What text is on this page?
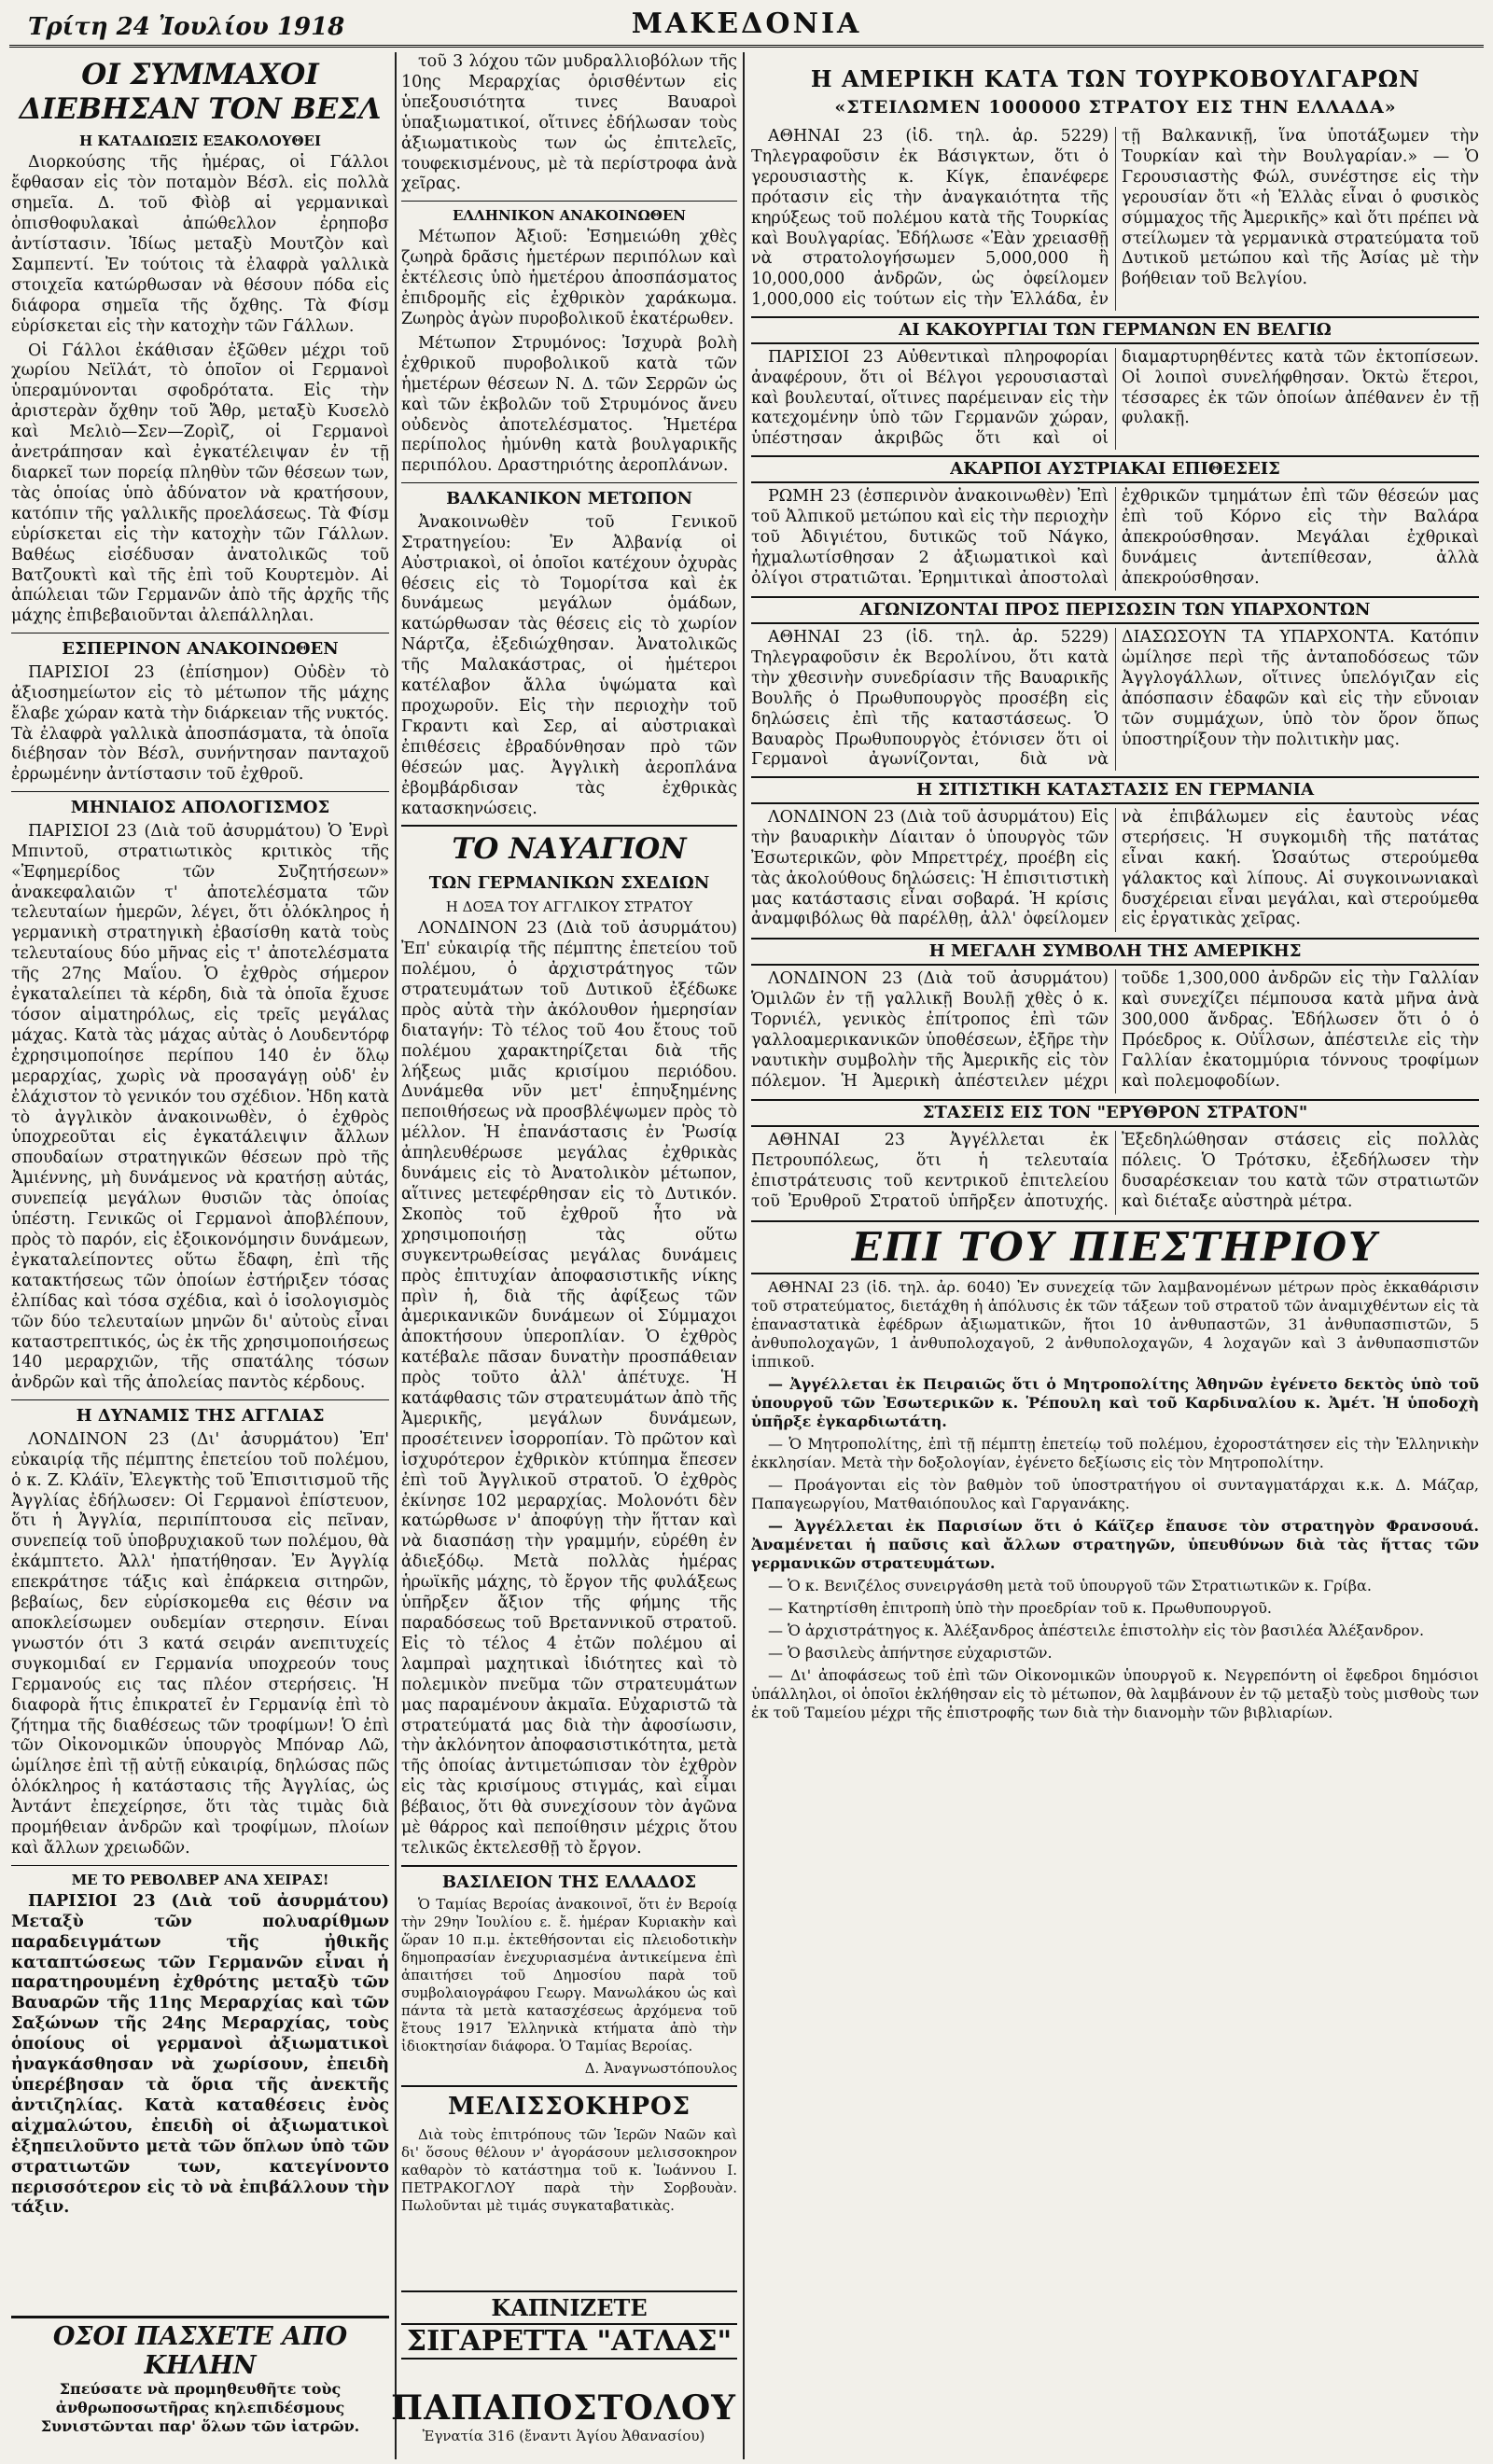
Τρίτη 24 Ἰουλίου 1918	ΜΑΚΕΔΟΝΙΑ
ΟΙ ΣΥΜΜΑΧΟΙ ΔΙΕΒΗΣΑΝ ΤΟΝ ΒΕΣΛ
Η ΚΑΤΑΔΙΩΞΙΣ ΕΞΑΚΟΛΟΥΘΕΙ

Διορκούσης τῆς ἡμέρας, οἱ Γάλλοι ἔφθασαν εἰς τὸν ποταμὸν Βέσλ. εἰς πολλὰ σημεῖα. Δ. τοῦ Φὶὸβ αἱ γερμανικαὶ ὀπισθοφυλακαὶ ἀπώθελλον ἐρηποβσ ἀντίστασιν. Ἰδίως μεταξὺ Μουτζὸν καὶ Σαμπεντί. Ἐν τούτοις τὰ ἐλαφρὰ γαλλικὰ στοιχεῖα κατώρθωσαν νὰ θέσουν πόδα εἰς διάφορα σημεῖα τῆς ὄχθης. Τὰ Φίσμ εὑρίσκεται εἰς τὴν κατοχὴν τῶν Γάλλων.

Οἱ Γάλλοι ἐκάθισαν ἐξῶθεν μέχρι τοῦ χωρίου Νεϊλάτ, τὸ ὁποῖον οἱ Γερμανοὶ ὑπεραμύνονται σφοδρότατα. Εἰς τὴν ἀριστερὰν ὄχθην τοῦ Ἄθρ, μεταξὺ Κυσελὸ καὶ Μελιὸ—Σεν—Ζορὶζ, οἱ Γερμανοὶ ἀνετράπησαν καὶ ἐγκατέλειψαν ἐν τῇ διαρκεῖ των πορείᾳ πληθὺν τῶν θέσεων των, τὰς ὁποίας ὑπὸ ἀδύνατον νὰ κρατήσουν, κατόπιν τῆς γαλλικῆς προελάσεως. Τὰ Φίσμ εὑρίσκεται εἰς τὴν κατοχὴν τῶν Γάλλων. Βαθέως εἰσέδυσαν ἀνατολικῶς τοῦ Βατζουκτὶ καὶ τῆς ἐπὶ τοῦ Κουρτεμὸν. Αἱ ἀπώλειαι τῶν Γερμανῶν ἀπὸ τῆς ἀρχῆς τῆς μάχης ἐπιβεβαιοῦνται ἀλεπάλληλαι.

ΕΣΠΕΡΙΝΟΝ ΑΝΑΚΟΙΝΩΘΕΝ

ΠΑΡΙΣΙΟΙ 23 (ἐπίσημον) Οὐδὲν τὸ ἀξιοσημείωτον εἰς τὸ μέτωπον τῆς μάχης ἔλαβε χώραν κατὰ τὴν διάρκειαν τῆς νυκτός. Τὰ ἐλαφρὰ γαλλικὰ ἀποσπάσματα, τὰ ὁποῖα διέβησαν τὸν Βέσλ, συνήντησαν πανταχοῦ ἐρρωμένην ἀντίστασιν τοῦ ἐχθροῦ.

ΜΗΝΙΑΙΟΣ ΑΠΟΛΟΓΙΣΜΟΣ

ΠΑΡΙΣΙΟΙ 23 (Διὰ τοῦ ἀσυρμάτου) Ὁ Ἐνρὶ Μπιντοῦ, στρατιωτικὸς κριτικὸς τῆς «Ἐφημερίδος τῶν Συζητήσεων» ἀνακεφαλαιῶν τ' ἀποτελέσματα τῶν τελευταίων ἡμερῶν, λέγει, ὅτι ὁλόκληρος ἡ γερμανικὴ στρατηγικὴ ἐβασίσθη κατὰ τοὺς τελευταίους δύο μῆνας εἰς τ' ἀποτελέσματα τῆς 27ης Μαΐου. Ὁ ἐχθρὸς σήμερον ἐγκαταλείπει τὰ κέρδη, διὰ τὰ ὁποῖα ἔχυσε τόσον αἱματηρόλως, εἰς τρεῖς μεγάλας μάχας. Κατὰ τὰς μάχας αὐτὰς ὁ Λουδεντόρφ ἐχρησιμοποίησε περίπου 140 ἐν ὅλῳ μεραρχίας, χωρὶς νὰ προσαγάγῃ οὐδ' ἐν ἐλάχιστον τὸ γενικόν του σχέδιον. Ἠδη κατὰ τὸ ἀγγλικὸν ἀνακοινωθὲν, ὁ ἐχθρὸς ὑποχρεοῦται εἰς ἐγκατάλειψιν ἄλλων σπουδαίων στρατηγικῶν θέσεων πρὸ τῆς Ἀμιέννης, μὴ δυνάμενος νὰ κρατήσῃ αὐτάς, συνεπείᾳ μεγάλων θυσιῶν τὰς ὁποίας ὑπέστη. Γενικῶς οἱ Γερμανοὶ ἀποβλέπουν, πρὸς τὸ παρόν, εἰς ἐξοικονόμησιν δυνάμεων, ἐγκαταλείποντες οὕτω ἔδαφη, ἐπὶ τῆς κατακτήσεως τῶν ὁποίων ἐστήριξεν τόσας ἐλπίδας καὶ τόσα σχέδια, καὶ ὁ ἰσολογισμὸς τῶν δύο τελευταίων μηνῶν δι' αὐτοὺς εἶναι καταστρεπτικός, ὡς ἐκ τῆς χρησιμοποιήσεως 140 μεραρχιῶν, τῆς σπατάλης τόσων ἀνδρῶν καὶ τῆς ἀπολείας παντὸς κέρδους.

Η ΔΥΝΑΜΙΣ ΤΗΣ ΑΓΓΛΙΑΣ

ΛΟΝΔΙΝΟΝ 23 (Δι' ἀσυρμάτου) Ἐπ' εὐκαιρίᾳ τῆς πέμπτης ἐπετείου τοῦ πολέμου, ὁ κ. Ζ. Κλάϊν, Ἐλεγκτὴς τοῦ Ἐπισιτισμοῦ τῆς Ἀγγλίας ἐδήλωσεν: Οἱ Γερμανοὶ ἐπίστευον, ὅτι ἡ Ἀγγλία, περιπίπτουσα εἰς πεῖναν, συνεπείᾳ τοῦ ὑποβρυχιακοῦ των πολέμου, θὰ ἐκάμπτετο. Ἀλλ' ἠπατήθησαν. Ἐν Ἀγγλίᾳ επεκράτησε τάξις καὶ ἐπάρκεια σιτηρῶν, βεβαίως, δεν εὑρίσκομεθα εις θέσιν να αποκλείσωμεν ουδεμίαν στερησιν. Είναι γνωστόν ότι 3 κατά σειράν ανεπιτυχείς συγκομιδαί εν Γερμανία υποχρεούν τους Γερμανούς εις τας πλέον στερήσεις. Ἡ διαφορὰ ἥτις ἐπικρατεῖ ἐν Γερμανίᾳ ἐπὶ τὸ ζήτημα τῆς διαθέσεως τῶν τροφίμων! Ὁ ἐπὶ τῶν Οἰκονομικῶν ὑπουργὸς Μπόναρ Λῶ, ὡμίλησε ἐπὶ τῇ αὐτῇ εὐκαιρίᾳ, δηλώσας πῶς ὁλόκληρος ἡ κατάστασις τῆς Ἀγγλίας, ὡς Ἀντάντ ἐπεχείρησε, ὅτι τὰς τιμὰς διὰ προμήθειαν ἀνδρῶν καὶ τροφίμων, πλοίων καὶ ἄλλων χρειωδῶν.

ΜΕ ΤΟ ΡΕΒΟΛΒΕΡ ΑΝΑ ΧΕΙΡΑΣ!

ΠΑΡΙΣΙΟΙ 23 (Διὰ τοῦ ἀσυρμάτου) Μεταξὺ τῶν πολυαρίθμων παραδειγμάτων τῆς ἠθικῆς καταπτώσεως τῶν Γερμανῶν εἶναι ἡ παρατηρουμένη ἐχθρότης μεταξὺ τῶν Βαυαρῶν τῆς 11ης Μεραρχίας καὶ τῶν Σαξώνων τῆς 24ης Μεραρχίας, τοὺς ὁποίους οἱ γερμανοὶ ἀξιωματικοὶ ἠναγκάσθησαν νὰ χωρίσουν, ἐπειδὴ ὑπερέβησαν τὰ ὅρια τῆς ἀνεκτῆς ἀντιζηλίας. Κατὰ καταθέσεις ἐνὸς αἰχμαλώτου, ἐπειδὴ οἱ ἀξιωματικοὶ ἐξηπειλοῦντο μετὰ τῶν ὅπλων ὑπὸ τῶν στρατιωτῶν των, κατεγίνοντο περισσότερον εἰς τὸ νὰ ἐπιβάλλουν τὴν τάξιν.

ΟΣΟΙ ΠΑΣΧΕΤΕ ΑΠΟ ΚΗΛΗΝ
Σπεύσατε νὰ προμηθευθῆτε τοὺς ἀνθρωποσωτῆρας κηλεπιδέσμους Συνιστῶνται παρ' ὅλων τῶν ἰατρῶν.

τοῦ 3 λόχου τῶν μυδραλλιοβόλων τῆς 10ης Μεραρχίας ὁρισθέντων εἰς ὑπεξουσιότητα τινες Βαυαροὶ ὑπαξιωματικοί, οἵτινες ἐδήλωσαν τοὺς ἀξιωματικοὺς των ὡς ἐπιτελεῖς, τουφεκισμένους, μὲ τὰ περίστροφα ἀνὰ χεῖρας.

ΕΛΛΗΝΙΚΟΝ ΑΝΑΚΟΙΝΩΘΕΝ

Μέτωπον Ἀξιοῦ: Ἐσημειώθη χθὲς ζωηρὰ δρᾶσις ἡμετέρων περιπόλων καὶ ἐκτέλεσις ὑπὸ ἡμετέρου ἀποσπάσματος ἐπιδρομῆς εἰς ἐχθρικὸν χαράκωμα. Ζωηρὸς ἀγὼν πυροβολικοῦ ἑκατέρωθεν.

Μέτωπον Στρυμόνος: Ἰσχυρὰ βολὴ ἐχθρικοῦ πυροβολικοῦ κατὰ τῶν ἡμετέρων θέσεων Ν. Δ. τῶν Σερρῶν ὡς καὶ τῶν ἐκβολῶν τοῦ Στρυμόνος ἄνευ οὐδενὸς ἀποτελέσματος. Ἡμετέρα περίπολος ἠμύνθη κατὰ βουλγαρικῆς περιπόλου. Δραστηριότης ἀεροπλάνων.

ΒΑΛΚΑΝΙΚΟΝ ΜΕΤΩΠΟΝ

Ἀνακοινωθὲν τοῦ Γενικοῦ Στρατηγείου: Ἐν Ἀλβανίᾳ οἱ Αὐστριακοὶ, οἱ ὁποῖοι κατέχουν ὀχυρὰς θέσεις εἰς τὸ Τομορίτσα καὶ ἐκ δυνάμεως μεγάλων ὁμάδων, κατώρθωσαν τὰς θέσεις εἰς τὸ χωρίον Νάρτζα, ἐξεδιώχθησαν. Ἀνατολικῶς τῆς Μαλακάστρας, οἱ ἡμέτεροι κατέλαβον ἄλλα ὑψώματα καὶ προχωροῦν. Εἰς τὴν περιοχὴν τοῦ Γκραντι καὶ Σερ, αἱ αὐστριακαὶ ἐπιθέσεις ἐβραδύνθησαν πρὸ τῶν θέσεών μας. Ἀγγλικὴ ἀεροπλάνα ἐβομβάρδισαν τὰς ἐχθρικὰς κατασκηνώσεις.

ΤΟ ΝΑΥΑΓΙΟΝ
ΤΩΝ ΓΕΡΜΑΝΙΚΩΝ ΣΧΕΔΙΩΝ
Η ΔΟΞΑ ΤΟΥ ΑΓΓΛΙΚΟΥ ΣΤΡΑΤΟΥ

ΛΟΝΔΙΝΟΝ 23 (Διὰ τοῦ ἀσυρμάτου) Ἐπ' εὐκαιρίᾳ τῆς πέμπτης ἐπετείου τοῦ πολέμου, ὁ ἀρχιστράτηγος τῶν στρατευμάτων τοῦ Δυτικοῦ ἐξέδωκε πρὸς αὐτὰ τὴν ἀκόλουθον ἡμερησίαν διαταγήν: Τὸ τέλος τοῦ 4ου ἔτους τοῦ πολέμου χαρακτηρίζεται διὰ τῆς λήξεως μιᾶς κρισίμου περιόδου. Δυνάμεθα νῦν μετ' ἐπηυξημένης πεποιθήσεως νὰ προσβλέψωμεν πρὸς τὸ μέλλον. Ἡ ἐπανάστασις ἐν Ῥωσίᾳ ἀπηλευθέρωσε μεγάλας ἐχθρικὰς δυνάμεις εἰς τὸ Ἀνατολικὸν μέτωπον, αἵτινες μετεφέρθησαν εἰς τὸ Δυτικόν. Σκοπὸς τοῦ ἐχθροῦ ἦτο νὰ χρησιμοποιήσῃ τὰς οὕτω συγκεντρωθείσας μεγάλας δυνάμεις πρὸς ἐπιτυχίαν ἀποφασιστικῆς νίκης πρὶν ἡ, διὰ τῆς ἀφίξεως τῶν ἀμερικανικῶν δυνάμεων οἱ Σύμμαχοι ἀποκτήσουν ὑπεροπλίαν. Ὁ ἐχθρὸς κατέβαλε πᾶσαν δυνατὴν προσπάθειαν πρὸς τοῦτο ἀλλ' ἀπέτυχε. Ἡ κατάφθασις τῶν στρατευμάτων ἀπὸ τῆς Ἀμερικῆς, μεγάλων δυνάμεων, προσέτεινεν ἰσορροπίαν. Τὸ πρῶτον καὶ ἰσχυρότερον ἐχθρικὸν κτύπημα ἔπεσεν ἐπὶ τοῦ Ἀγγλικοῦ στρατοῦ. Ὁ ἐχθρὸς ἐκίνησε 102 μεραρχίας. Μολονότι δὲν κατώρθωσε ν' ἀποφύγῃ τὴν ἥτταν καὶ νὰ διασπάσῃ τὴν γραμμήν, εὑρέθη ἐν ἀδιεξόδῳ. Μετὰ πολλὰς ἡμέρας ἡρωϊκῆς μάχης, τὸ ἔργον τῆς φυλάξεως ὑπῆρξεν ἄξιον τῆς φήμης τῆς παραδόσεως τοῦ Βρεταννικοῦ στρατοῦ. Εἰς τὸ τέλος 4 ἐτῶν πολέμου αἱ λαμπραὶ μαχητικαὶ ἰδιότητες καὶ τὸ πολεμικὸν πνεῦμα τῶν στρατευμάτων μας παραμένουν ἀκμαῖα. Εὐχαριστῶ τὰ στρατεύματά μας διὰ τὴν ἀφοσίωσιν, τὴν ἀκλόνητον ἀποφασιστικότητα, μετὰ τῆς ὁποίας ἀντιμετώπισαν τὸν ἐχθρὸν εἰς τὰς κρισίμους στιγμάς, καὶ εἶμαι βέβαιος, ὅτι θὰ συνεχίσουν τὸν ἀγῶνα μὲ θάρρος καὶ πεποίθησιν μέχρις ὅτου τελικῶς ἐκτελεσθῇ τὸ ἔργον.

ΒΑΣΙΛΕΙΟΝ ΤΗΣ ΕΛΛΑΔΟΣ

Ὁ Ταμίας Βεροίας ἀνακοινοῖ, ὅτι ἐν Βεροίᾳ τὴν 29ην Ἰουλίου ε. ἔ. ἡμέραν Κυριακὴν καὶ ὥραν 10 π.μ. ἐκτεθήσονται εἰς πλειοδοτικὴν δημοπρασίαν ἐνεχυριασμένα ἀντικείμενα ἐπὶ ἀπαιτήσει τοῦ Δημοσίου παρὰ τοῦ συμβολαιογράφου Γεωργ. Μανωλάκου ὡς καὶ πάντα τὰ μετὰ κατασχέσεως ἀρχόμενα τοῦ ἔτους 1917 Ἐλληνικὰ κτήματα ἀπὸ τὴν ἰδιοκτησίαν διάφορα. Ὁ Ταμίας Βεροίας.

Δ. Ἀναγνωστόπουλος
ΜΕΛΙΣΣΟΚΗΡΟΣ

Διὰ τοὺς ἐπιτρόπους τῶν Ἱερῶν Ναῶν καὶ δι' ὅσους θέλουν ν' ἀγοράσουν μελισσοκηρον καθαρὸν τὸ κατάστημα τοῦ κ. Ἰωάννου Ι. ΠΕΤΡΑΚΟΓΛΟΥ παρὰ τὴν Σορβουὰν. Πωλοῦνται μὲ τιμάς συγκαταβατικὰς.

ΚΑΠΝΙΖΕΤΕ
ΣΙΓΑΡΕΤΤΑ "ΑΤΛΑΣ"
ΠΑΠΑΠΟΣΤΟΛΟΥ
Ἐγνατία 316 (ἔναντι Ἁγίου Ἀθανασίου)
Η ΑΜΕΡΙΚΗ ΚΑΤΑ ΤΩΝ ΤΟΥΡΚΟΒΟΥΛΓΑΡΩΝ
«ΣΤΕΙΛΩΜΕΝ 1000000 ΣΤΡΑΤΟΥ ΕΙΣ ΤΗΝ ΕΛΛΑΔΑ»

ΑΘΗΝΑΙ 23 (ἰδ. τηλ. ἀρ. 5229) Τηλεγραφοῦσιν ἐκ Βάσιγκτων, ὅτι ὁ γερουσιαστὴς κ. Κίγκ, ἐπανέφερε πρότασιν εἰς τὴν ἀναγκαιότητα τῆς κηρύξεως τοῦ πολέμου κατὰ τῆς Τουρκίας καὶ Βουλγαρίας. Ἐδήλωσε «Ἐὰν χρειασθῇ νὰ στρατολογήσωμεν 5,000,000 ἢ 10,000,000 ἀνδρῶν, ὡς ὀφείλομεν 1,000,000 εἰς τούτων εἰς τὴν Ἑλλάδα, ἐν τῇ Βαλκανικῇ, ἵνα ὑποτάξωμεν τὴν Τουρκίαν καὶ τὴν Βουλγαρίαν.» — Ὁ Γερουσιαστὴς Φώλ, συνέστησε εἰς τὴν γερουσίαν ὅτι «ἡ Ἑλλὰς εἶναι ὁ φυσικὸς σύμμαχος τῆς Ἀμερικῆς» καὶ ὅτι πρέπει νὰ στείλωμεν τὰ γερμανικὰ στρατεύματα τοῦ Δυτικοῦ μετώπου καὶ τῆς Ἀσίας μὲ τὴν βοήθειαν τοῦ Βελγίου.

ΑΙ ΚΑΚΟΥΡΓΙΑΙ ΤΩΝ ΓΕΡΜΑΝΩΝ ΕΝ ΒΕΛΓΙΩ

ΠΑΡΙΣΙΟΙ 23 Αὐθεντικαὶ πληροφορίαι ἀναφέρουν, ὅτι οἱ Βέλγοι γερουσιασταὶ καὶ βουλευταί, οἵτινες παρέμειναν εἰς τὴν κατεχομένην ὑπὸ τῶν Γερμανῶν χώραν, ὑπέστησαν ἀκριβῶς ὅτι καὶ οἱ διαμαρτυρηθέντες κατὰ τῶν ἐκτοπίσεων. Οἱ λοιποὶ συνελήφθησαν. Ὀκτὼ ἕτεροι, τέσσαρες ἐκ τῶν ὁποίων ἀπέθανεν ἐν τῇ φυλακῇ.

ΑΚΑΡΠΟΙ ΑΥΣΤΡΙΑΚΑΙ ΕΠΙΘΕΣΕΙΣ

ΡΩΜΗ 23 (ἑσπερινὸν ἀνακοινωθὲν) Ἐπὶ τοῦ Ἀλπικοῦ μετώπου καὶ εἰς τὴν περιοχὴν τοῦ Ἀδιγιέτου, δυτικῶς τοῦ Νάγκο, ἠχμαλωτίσθησαν 2 ἀξιωματικοὶ καὶ ὀλίγοι στρατιῶται. Ἐρημιτικαὶ ἀποστολαὶ ἐχθρικῶν τμημάτων ἐπὶ τῶν θέσεών μας ἐπὶ τοῦ Κόρνο εἰς τὴν Βαλάρα ἀπεκρούσθησαν. Μεγάλαι ἐχθρικαὶ δυνάμεις ἀντεπίθεσαν, ἀλλὰ ἀπεκρούσθησαν.

ΑΓΩΝΙΖΟΝΤΑΙ ΠΡΟΣ ΠΕΡΙΣΩΣΙΝ ΤΩΝ ΥΠΑΡΧΟΝΤΩΝ

ΑΘΗΝΑΙ 23 (ἰδ. τηλ. ἀρ. 5229) Τηλεγραφοῦσιν ἐκ Βερολίνου, ὅτι κατὰ τὴν χθεσινὴν συνεδρίασιν τῆς Βαυαρικῆς Βουλῆς ὁ Πρωθυπουργὸς προσέβη εἰς δηλώσεις ἐπὶ τῆς καταστάσεως. Ὁ Βαυαρὸς Πρωθυπουργὸς ἐτόνισεν ὅτι οἱ Γερμανοὶ ἀγωνίζονται, διὰ νὰ ΔΙΑΣΩΣΟΥΝ ΤΑ ΥΠΑΡΧΟΝΤΑ. Κατόπιν ὡμίλησε περὶ τῆς ἀνταποδόσεως τῶν Ἀγγλογάλλων, οἵτινες ὑπελόγιζαν εἰς ἀπόσπασιν ἐδαφῶν καὶ εἰς τὴν εὔνοιαν τῶν συμμάχων, ὑπὸ τὸν ὅρον ὅπως ὑποστηρίξουν τὴν πολιτικὴν μας.

Η ΣΙΤΙΣΤΙΚΗ ΚΑΤΑΣΤΑΣΙΣ ΕΝ ΓΕΡΜΑΝΙΑ

ΛΟΝΔΙΝΟΝ 23 (Διὰ τοῦ ἀσυρμάτου) Εἰς τὴν βαυαρικὴν Δίαιταν ὁ ὑπουργὸς τῶν Ἐσωτερικῶν, φὸν Μπρεττρέχ, προέβη εἰς τὰς ἀκολούθους δηλώσεις: Ἡ ἐπισιτιστικὴ μας κατάστασις εἶναι σοβαρά. Ἡ κρίσις ἀναμφιβόλως θὰ παρέλθῃ, ἀλλ' ὀφείλομεν νὰ ἐπιβάλωμεν εἰς ἑαυτοὺς νέας στερήσεις. Ἡ συγκομιδὴ τῆς πατάτας εἶναι κακή. Ὡσαύτως στερούμεθα γάλακτος καὶ λίπους. Αἱ συγκοινωνιακαὶ δυσχέρειαι εἶναι μεγάλαι, καὶ στερούμεθα εἰς ἐργατικὰς χεῖρας.

Η ΜΕΓΑΛΗ ΣΥΜΒΟΛΗ ΤΗΣ ΑΜΕΡΙΚΗΣ

ΛΟΝΔΙΝΟΝ 23 (Διὰ τοῦ ἀσυρμάτου) Ὁμιλῶν ἐν τῇ γαλλικῇ Βουλῇ χθὲς ὁ κ. Τορνιέλ, γενικὸς ἐπίτροπος ἐπὶ τῶν γαλλοαμερικανικῶν ὑποθέσεων, ἐξῆρε τὴν ναυτικὴν συμβολὴν τῆς Ἀμερικῆς εἰς τὸν πόλεμον. Ἡ Ἀμερικὴ ἀπέστειλεν μέχρι τοῦδε 1,300,000 ἀνδρῶν εἰς τὴν Γαλλίαν καὶ συνεχίζει πέμπουσα κατὰ μῆνα ἀνὰ 300,000 ἄνδρας. Ἐδήλωσεν ὅτι ὁ ὁ Πρόεδρος κ. Οὐΐλσων, ἀπέστειλε εἰς τὴν Γαλλίαν ἐκατομμύρια τόννους τροφίμων καὶ πολεμοφοδίων.

ΣΤΑΣΕΙΣ ΕΙΣ ΤΟΝ "ΕΡΥΘΡΟΝ ΣΤΡΑΤΟΝ"

ΑΘΗΝΑΙ 23 Ἀγγέλλεται ἐκ Πετρουπόλεως, ὅτι ἡ τελευταία ἐπιστράτευσις τοῦ κεντρικοῦ ἐπιτελείου τοῦ Ἐρυθροῦ Στρατοῦ ὑπῆρξεν ἀποτυχής. Ἐξεδηλώθησαν στάσεις εἰς πολλὰς πόλεις. Ὁ Τρότσκυ, ἐξεδήλωσεν τὴν δυσαρέσκειαν του κατὰ τῶν στρατιωτῶν καὶ διέταξε αὐστηρὰ μέτρα.

ΕΠΙ ΤΟΥ ΠΙΕΣΤΗΡΙΟΥ

ΑΘΗΝΑΙ 23 (ἰδ. τηλ. ἀρ. 6040) Ἐν συνεχείᾳ τῶν λαμβανομένων μέτρων πρὸς ἐκκαθάρισιν τοῦ στρατεύματος, διετάχθη ἡ ἀπόλυσις ἐκ τῶν τάξεων τοῦ στρατοῦ τῶν ἀναμιχθέντων εἰς τὰ ἐπαναστατικὰ ἐφέδρων ἀξιωματικῶν, ἤτοι 10 ἀνθυπαστῶν, 31 ἀνθυπασπιστῶν, 5 ἀνθυπολοχαγῶν, 1 ἀνθυπολοχαγοῦ, 2 ἀνθυπολοχαγῶν, 4 λοχαγῶν καὶ 3 ἀνθυπασπιστῶν ἱππικοῦ.

— Ἀγγέλλεται ἐκ Πειραιῶς ὅτι ὁ Μητροπολίτης Ἀθηνῶν ἐγένετο δεκτὸς ὑπὸ τοῦ ὑπουργοῦ τῶν Ἐσωτερικῶν κ. Ῥέπουλη καὶ τοῦ Καρδιναλίου κ. Ἀμέτ. Ἡ ὑποδοχὴ ὑπῆρξε ἐγκαρδιωτάτη.

— Ὁ Μητροπολίτης, ἐπὶ τῇ πέμπτῃ ἐπετείῳ τοῦ πολέμου, ἐχοροστάτησεν εἰς τὴν Ἑλληνικὴν ἐκκλησίαν. Μετὰ τὴν δοξολογίαν, ἐγένετο δεξίωσις εἰς τὸν Μητροπολίτην.

— Προάγονται εἰς τὸν βαθμὸν τοῦ ὑποστρατήγου οἱ συνταγματάρχαι κ.κ. Δ. Μάζαρ, Παπαγεωργίου, Ματθαιόπουλος καὶ Γαργανάκης.

— Ἀγγέλλεται ἐκ Παρισίων ὅτι ὁ Κάϊζερ ἔπαυσε τὸν στρατηγὸν Φρανσουά. Ἀναμένεται ἡ παῦσις καὶ ἄλλων στρατηγῶν, ὑπευθύνων διὰ τὰς ἥττας τῶν γερμανικῶν στρατευμάτων.

— Ὁ κ. Βενιζέλος συνειργάσθη μετὰ τοῦ ὑπουργοῦ τῶν Στρατιωτικῶν κ. Γρίβα.

— Κατηρτίσθη ἐπιτροπὴ ὑπὸ τὴν προεδρίαν τοῦ κ. Πρωθυπουργοῦ.

— Ὁ ἀρχιστράτηγος κ. Ἀλέξανδρος ἀπέστειλε ἐπιστολὴν εἰς τὸν βασιλέα Ἀλέξανδρον.

— Ὁ βασιλεὺς ἀπήντησε εὐχαριστῶν.

— Δι' ἀποφάσεως τοῦ ἐπὶ τῶν Οἰκονομικῶν ὑπουργοῦ κ. Νεγρεπόντη οἱ ἔφεδροι δημόσιοι ὑπάλληλοι, οἱ ὁποῖοι ἐκλήθησαν εἰς τὸ μέτωπον, θὰ λαμβάνουν ἐν τῷ μεταξὺ τοὺς μισθοὺς των ἐκ τοῦ Ταμείου μέχρι τῆς ἐπιστροφῆς των διὰ τὴν διανομὴν τῶν βιβλιαρίων.
